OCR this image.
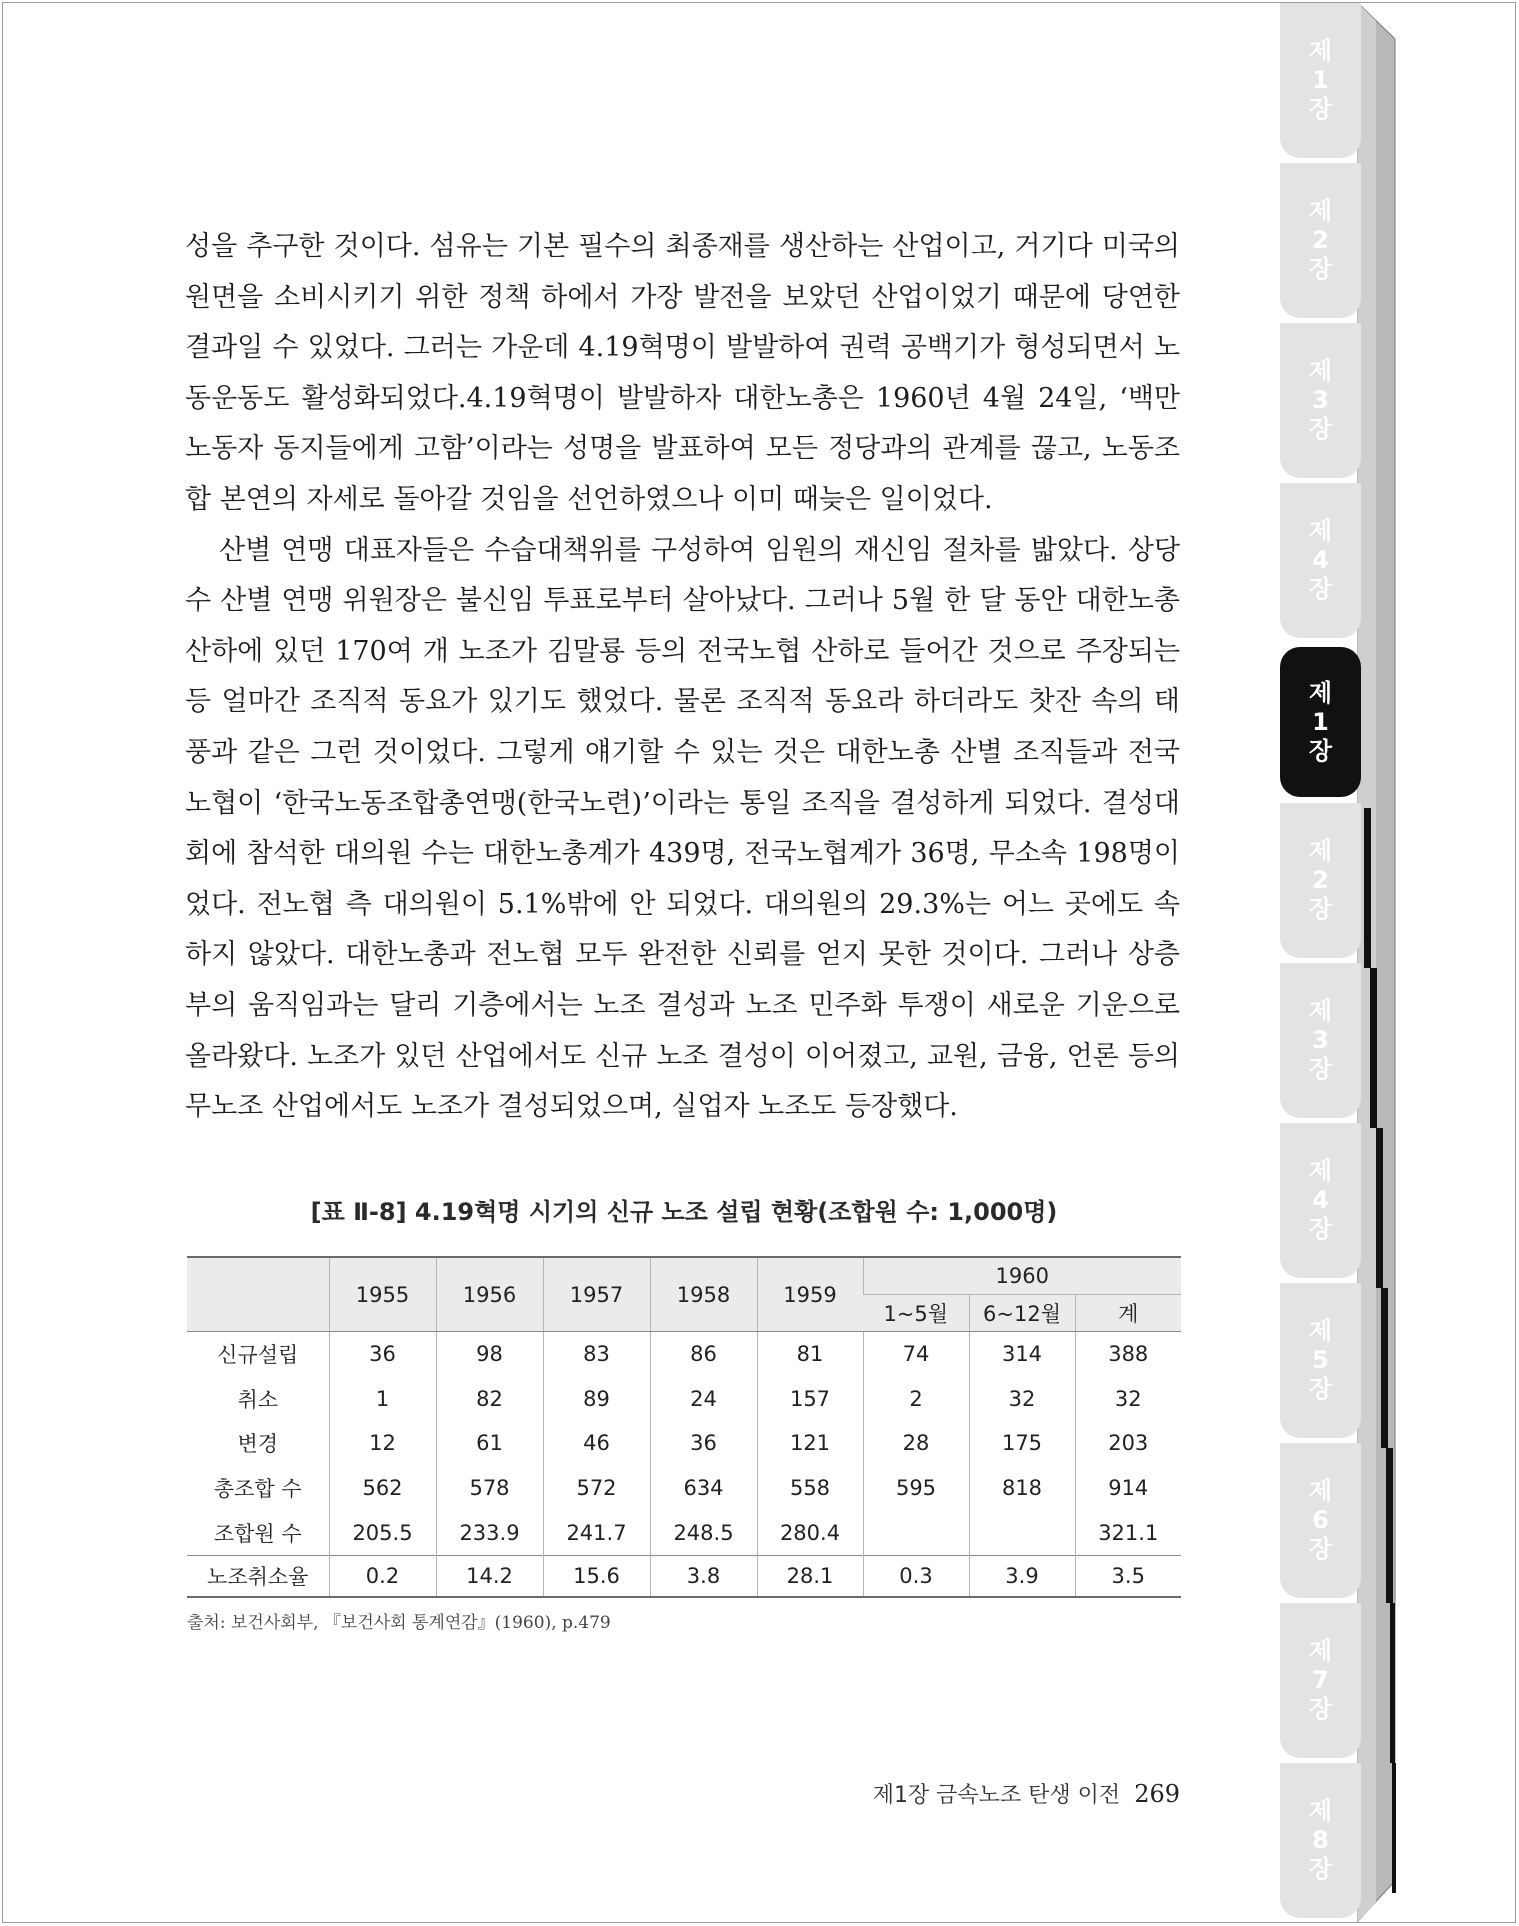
성을 추구한 것이다. 섬유는 기본 필수의 최종재를 생산하는 산업이고, 거기다 미국의 원면을 소비시키기 위한 정책 하에서 가장 발전을 보았던 산업이었기 때문에 당연한 결과일 수 있었다. 그러는 가운데 4.19혁명이 발발하여 권력 공백기가 형성되면서 노동운동도 활성화되었다.4.19혁명이 발발하자 대한노총은 1960년 4월 24일, ‘백만 노동자 동지들에게 고함’이라는 성명을 발표하여 모든 정당과의 관계를 끊고, 노동조합 본연의 자세로 돌아갈 것임을 선언하였으나 이미 때늦은 일이었다.

산별 연맹 대표자들은 수습대책위를 구성하여 임원의 재신임 절차를 밟았다. 상당수 산별 연맹 위원장은 불신임 투표로부터 살아났다. 그러나 5월 한 달 동안 대한노총 산하에 있던 170여 개 노조가 김말룡 등의 전국노협 산하로 들어간 것으로 주장되는 등 얼마간 조직적 동요가 있기도 했었다. 물론 조직적 동요라 하더라도 찻잔 속의 태풍과 같은 그런 것이었다. 그렇게 얘기할 수 있는 것은 대한노총 산별 조직들과 전국노협이 ‘한국노동조합총연맹(한국노련)’이라는 통일 조직을 결성하게 되었다. 결성대회에 참석한 대의원 수는 대한노총계가 439명, 전국노협계가 36명, 무소속 198명이었다. 전노협 측 대의원이 5.1%밖에 안 되었다. 대의원의 29.3%는 어느 곳에도 속하지 않았다. 대한노총과 전노협 모두 완전한 신뢰를 얻지 못한 것이다. 그러나 상층부의 움직임과는 달리 기층에서는 노조 결성과 노조 민주화 투쟁이 새로운 기운으로 올라왔다. 노조가 있던 산업에서도 신규 노조 결성이 이어졌고, 교원, 금융, 언론 등의 무노조 산업에서도 노조가 결성되었으며, 실업자 노조도 등장했다.

[표 Ⅱ-8] 4.19혁명 시기의 신규 노조 설립 현황(조합원 수: 1,000명)
	1955	1956	1957	1958	1959	1960		
						1~5월	6~12월	계
신규설립	36	98	83	86	81	74	314	388
취소	1	82	89	24	157	2	32	32
변경	12	61	46	36	121	28	175	203
총조합 수	562	578	572	634	558	595	818	914
조합원 수	205.5	233.9	241.7	248.5	280.4			321.1
노조취소율	0.2	14.2	15.6	3.8	28.1	0.3	3.9	3.5
출처: 보건사회부, 『보건사회 통계연감』(1960), p.479
제1장 금속노조 탄생 이전 269
제1장
제2장
제3장
제4장
제1장
제2장
제3장
제4장
제5장
제6장
제7장
제8장
